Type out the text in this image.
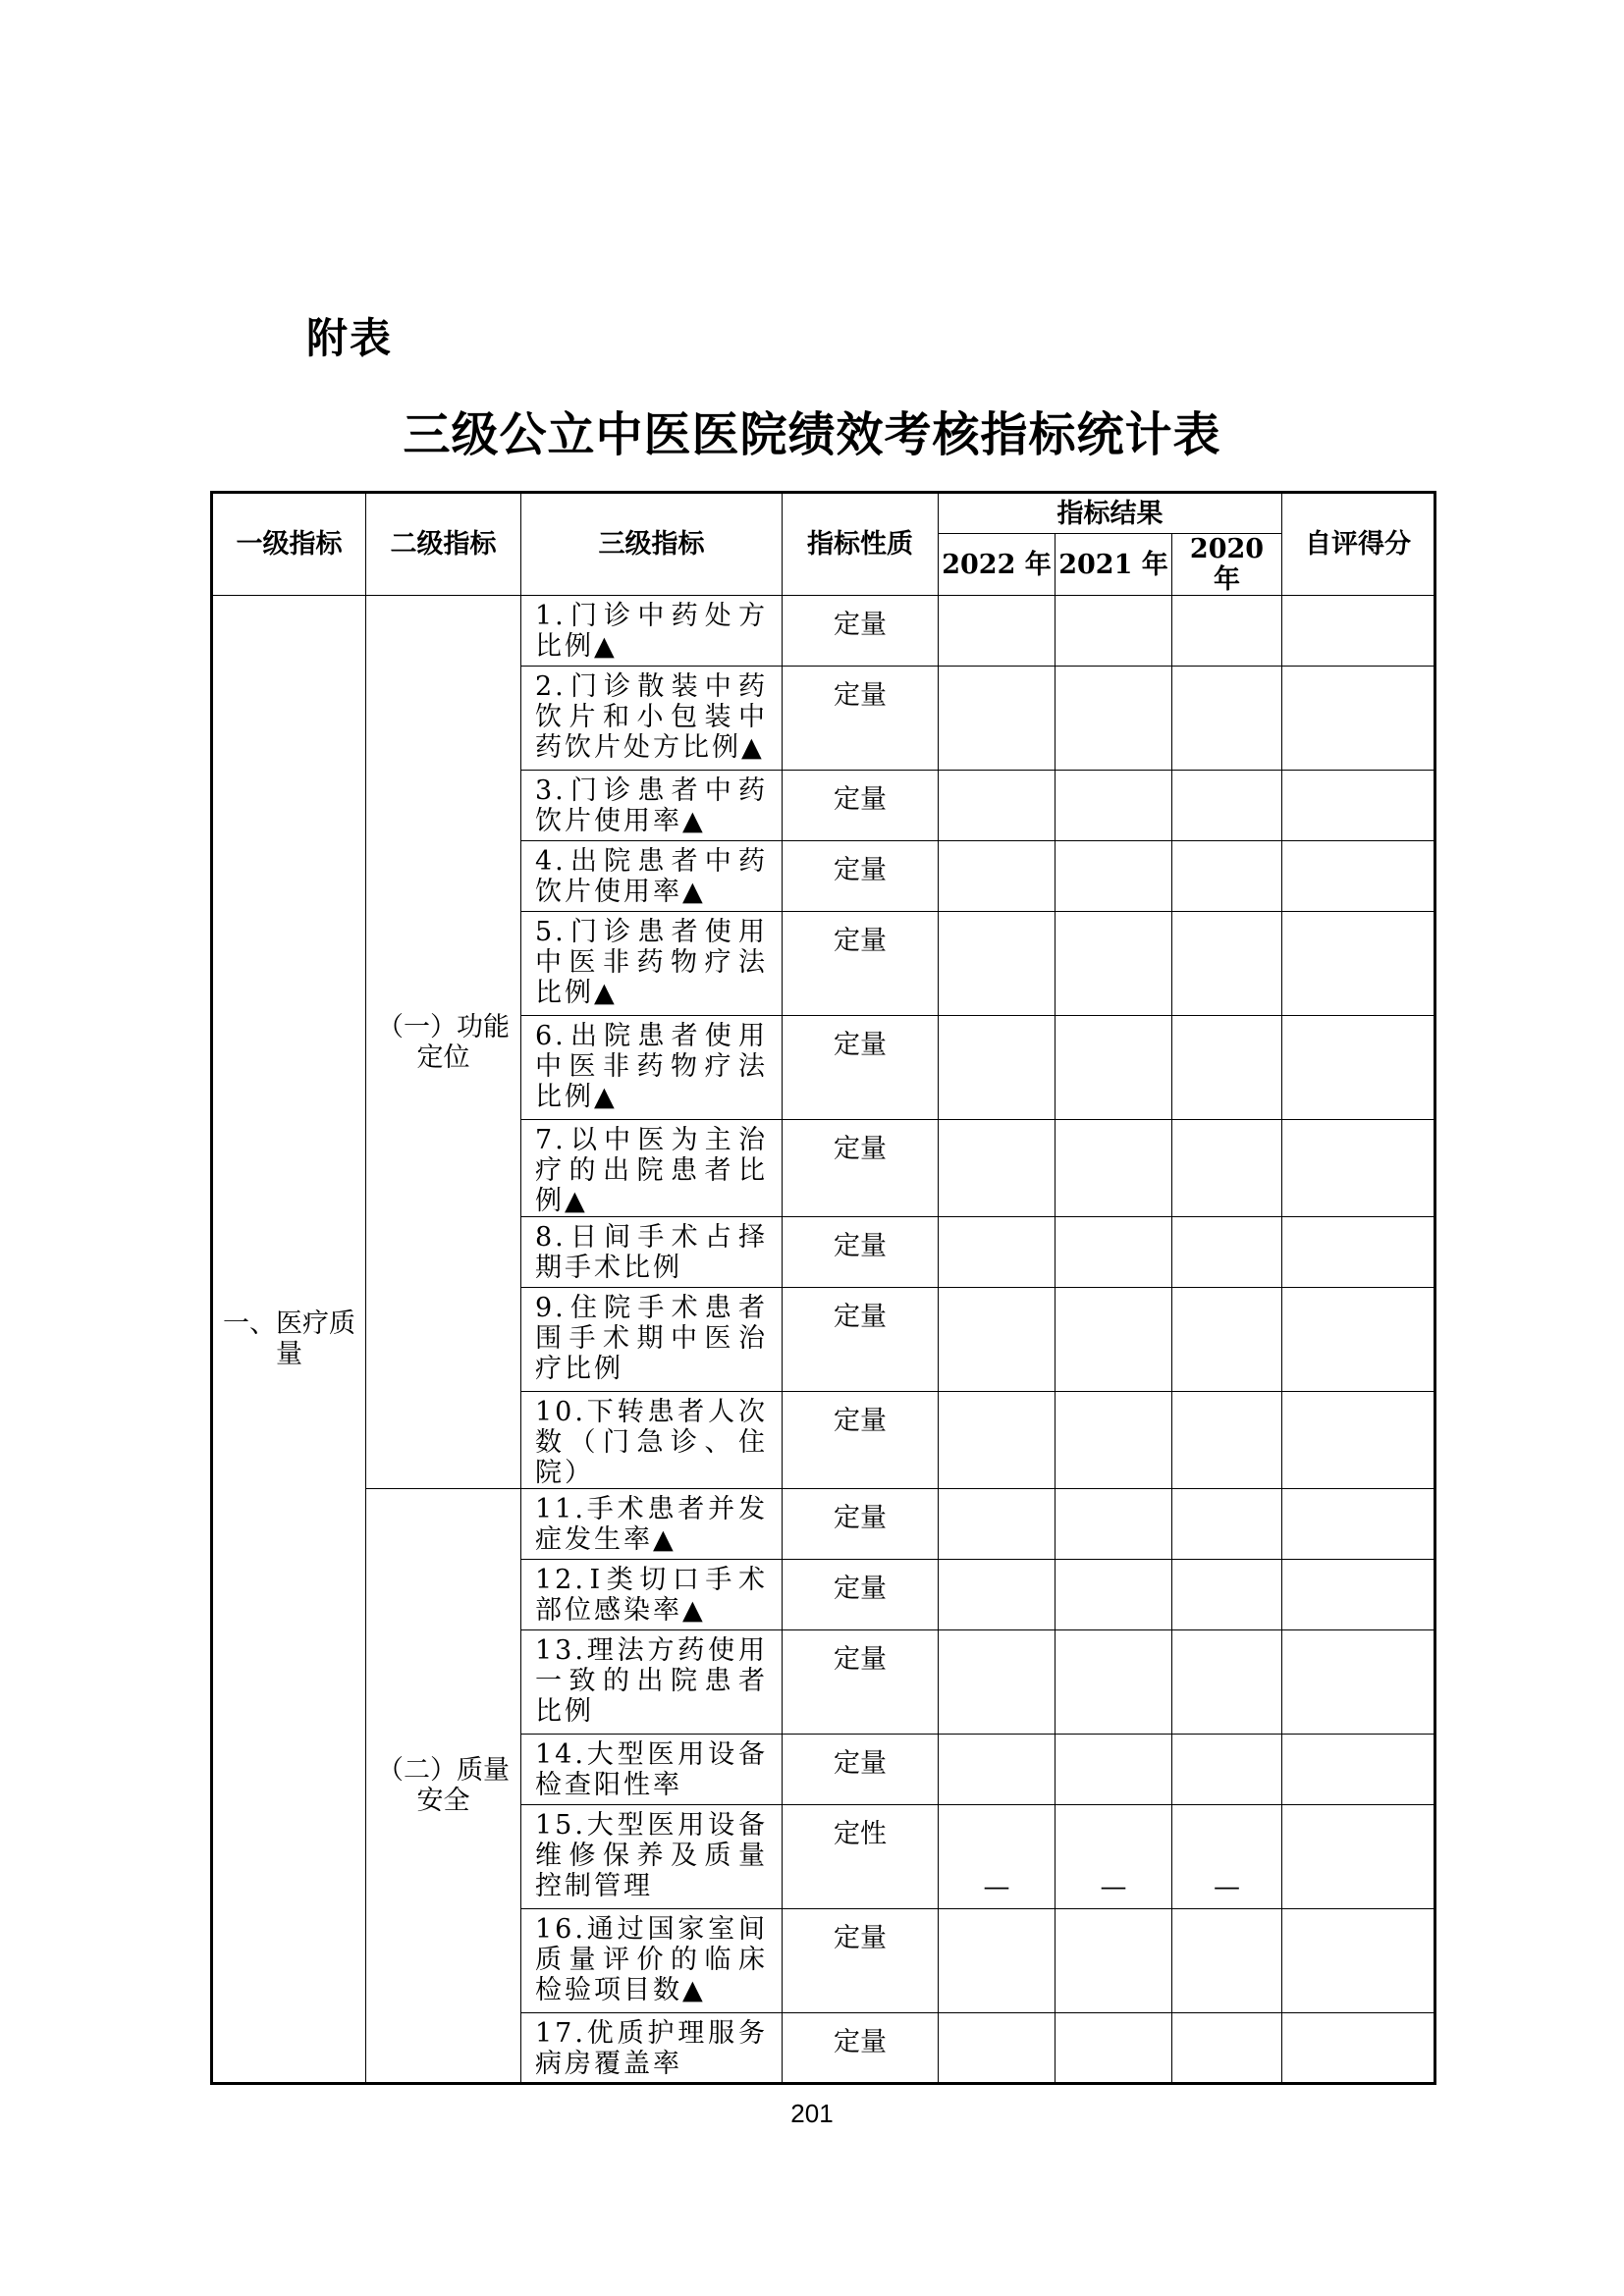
附表
三级公立中医医院绩效考核指标统计表
一级指标	二级指标	三级指标	指标性质	指标结果			自评得分
				2022 年	2021 年	2020 年	
一、医疗质量	（一）功能定位	1.门诊中药处方比例▲	定量				
		2.门诊散装中药饮片和小包装中药饮片处方比例▲	定量				
		3.门诊患者中药饮片使用率▲	定量				
		4.出院患者中药饮片使用率▲	定量				
		5.门诊患者使用中医非药物疗法比例▲	定量				
		6.出院患者使用中医非药物疗法比例▲	定量				
		7.以中医为主治疗的出院患者比例▲	定量				
		8.日间手术占择期手术比例	定量				
		9.住院手术患者围手术期中医治疗比例	定量				
		10.下转患者人次数（门急诊、住院）	定量				
	（二）质量安全	11.手术患者并发症发生率▲	定量				
		12.Ⅰ类切口手术部位感染率▲	定量				
		13.理法方药使用一致的出院患者比例	定量				
		14.大型医用设备检查阳性率	定量				
		15.大型医用设备维修保养及质量控制管理	定性	—	—	—	
		16.通过国家室间质量评价的临床检验项目数▲	定量				
		17.优质护理服务病房覆盖率	定量				
201
